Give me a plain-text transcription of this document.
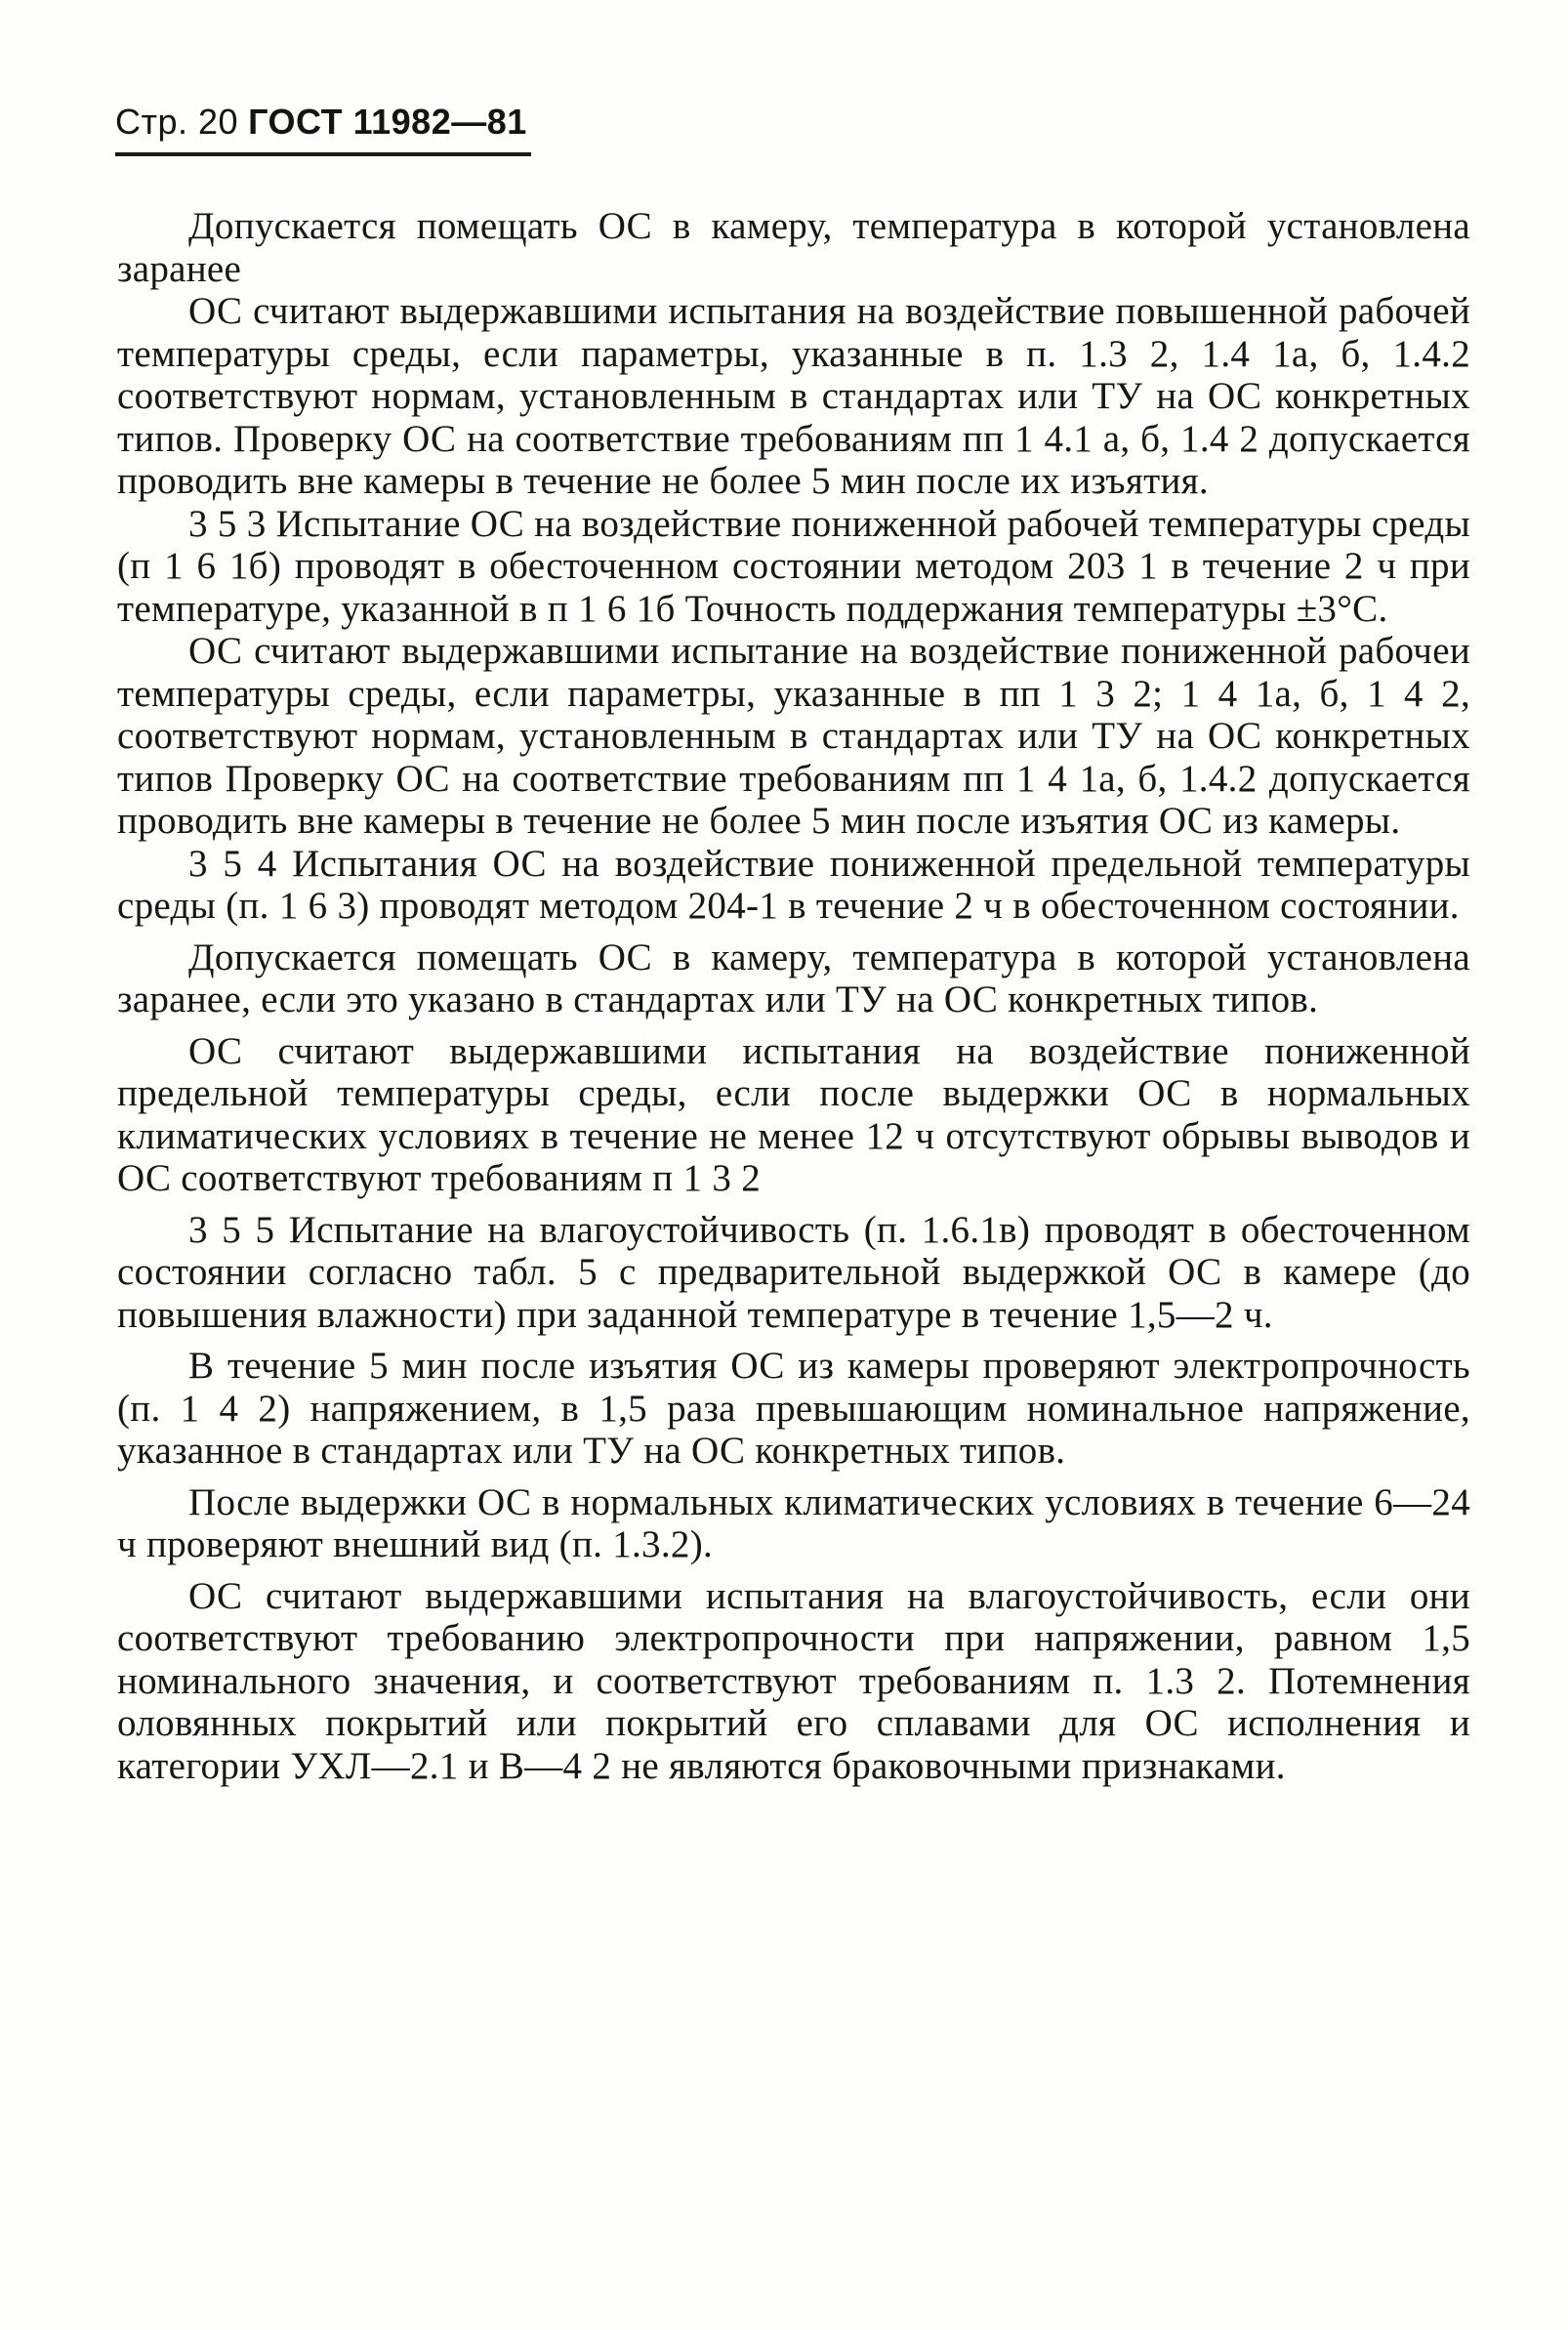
Стр. 20 ГОСТ 11982—81

Допускается помещать ОС в камеру, температура в которой установлена заранее

ОС считают выдержавшими испытания на воздействие повышенной рабочей температуры среды, если параметры, указанные в п. 1.3 2, 1.4 1а, б, 1.4.2 соответствуют нормам, установленным в стандартах или ТУ на ОС конкретных типов. Проверку ОС на соответствие требованиям пп 1 4.1 а, б, 1.4 2 допускается проводить вне камеры в течение не более 5 мин после их изъятия.

3 5 3 Испытание ОС на воздействие пониженной рабочей температуры среды (п 1 6 1б) проводят в обесточенном состоянии методом 203 1 в течение 2 ч при температуре, указанной в п 1 6 1б Точность поддержания температуры ±3°С.

ОС считают выдержавшими испытание на воздействие пониженной рабочеи температуры среды, если параметры, указанные в пп 1 3 2; 1 4 1а, б, 1 4 2, соответствуют нормам, установленным в стандартах или ТУ на ОС конкретных типов Проверку ОС на соответствие требованиям пп 1 4 1а, б, 1.4.2 допускается проводить вне камеры в течение не более 5 мин после изъятия ОС из камеры.

3 5 4 Испытания ОС на воздействие пониженной предельной температуры среды (п. 1 6 3) проводят методом 204-1 в течение 2 ч в обесточенном состоянии.

Допускается помещать ОС в камеру, температура в которой установлена заранее, если это указано в стандартах или ТУ на ОС конкретных типов.

ОС считают выдержавшими испытания на воздействие пониженной предельной температуры среды, если после выдержки ОС в нормальных климатических условиях в течение не менее 12 ч отсутствуют обрывы выводов и ОС соответствуют требованиям п 1 3 2

3 5 5 Испытание на влагоустойчивость (п. 1.6.1в) проводят в обесточенном состоянии согласно табл. 5 с предварительной выдержкой ОС в камере (до повышения влажности) при заданной температуре в течение 1,5—2 ч.

В течение 5 мин после изъятия ОС из камеры проверяют электропрочность (п. 1 4 2) напряжением, в 1,5 раза превышающим номинальное напряжение, указанное в стандартах или ТУ на ОС конкретных типов.

После выдержки ОС в нормальных климатических условиях в течение 6—24 ч проверяют внешний вид (п. 1.3.2).

ОС считают выдержавшими испытания на влагоустойчивость, если они соответствуют требованию электропрочности при напряжении, равном 1,5 номинального значения, и соответствуют требованиям п. 1.3 2. Потемнения оловянных покрытий или покрытий его сплавами для ОС исполнения и категории УХЛ—2.1 и В—4 2 не являются браковочными признаками.
